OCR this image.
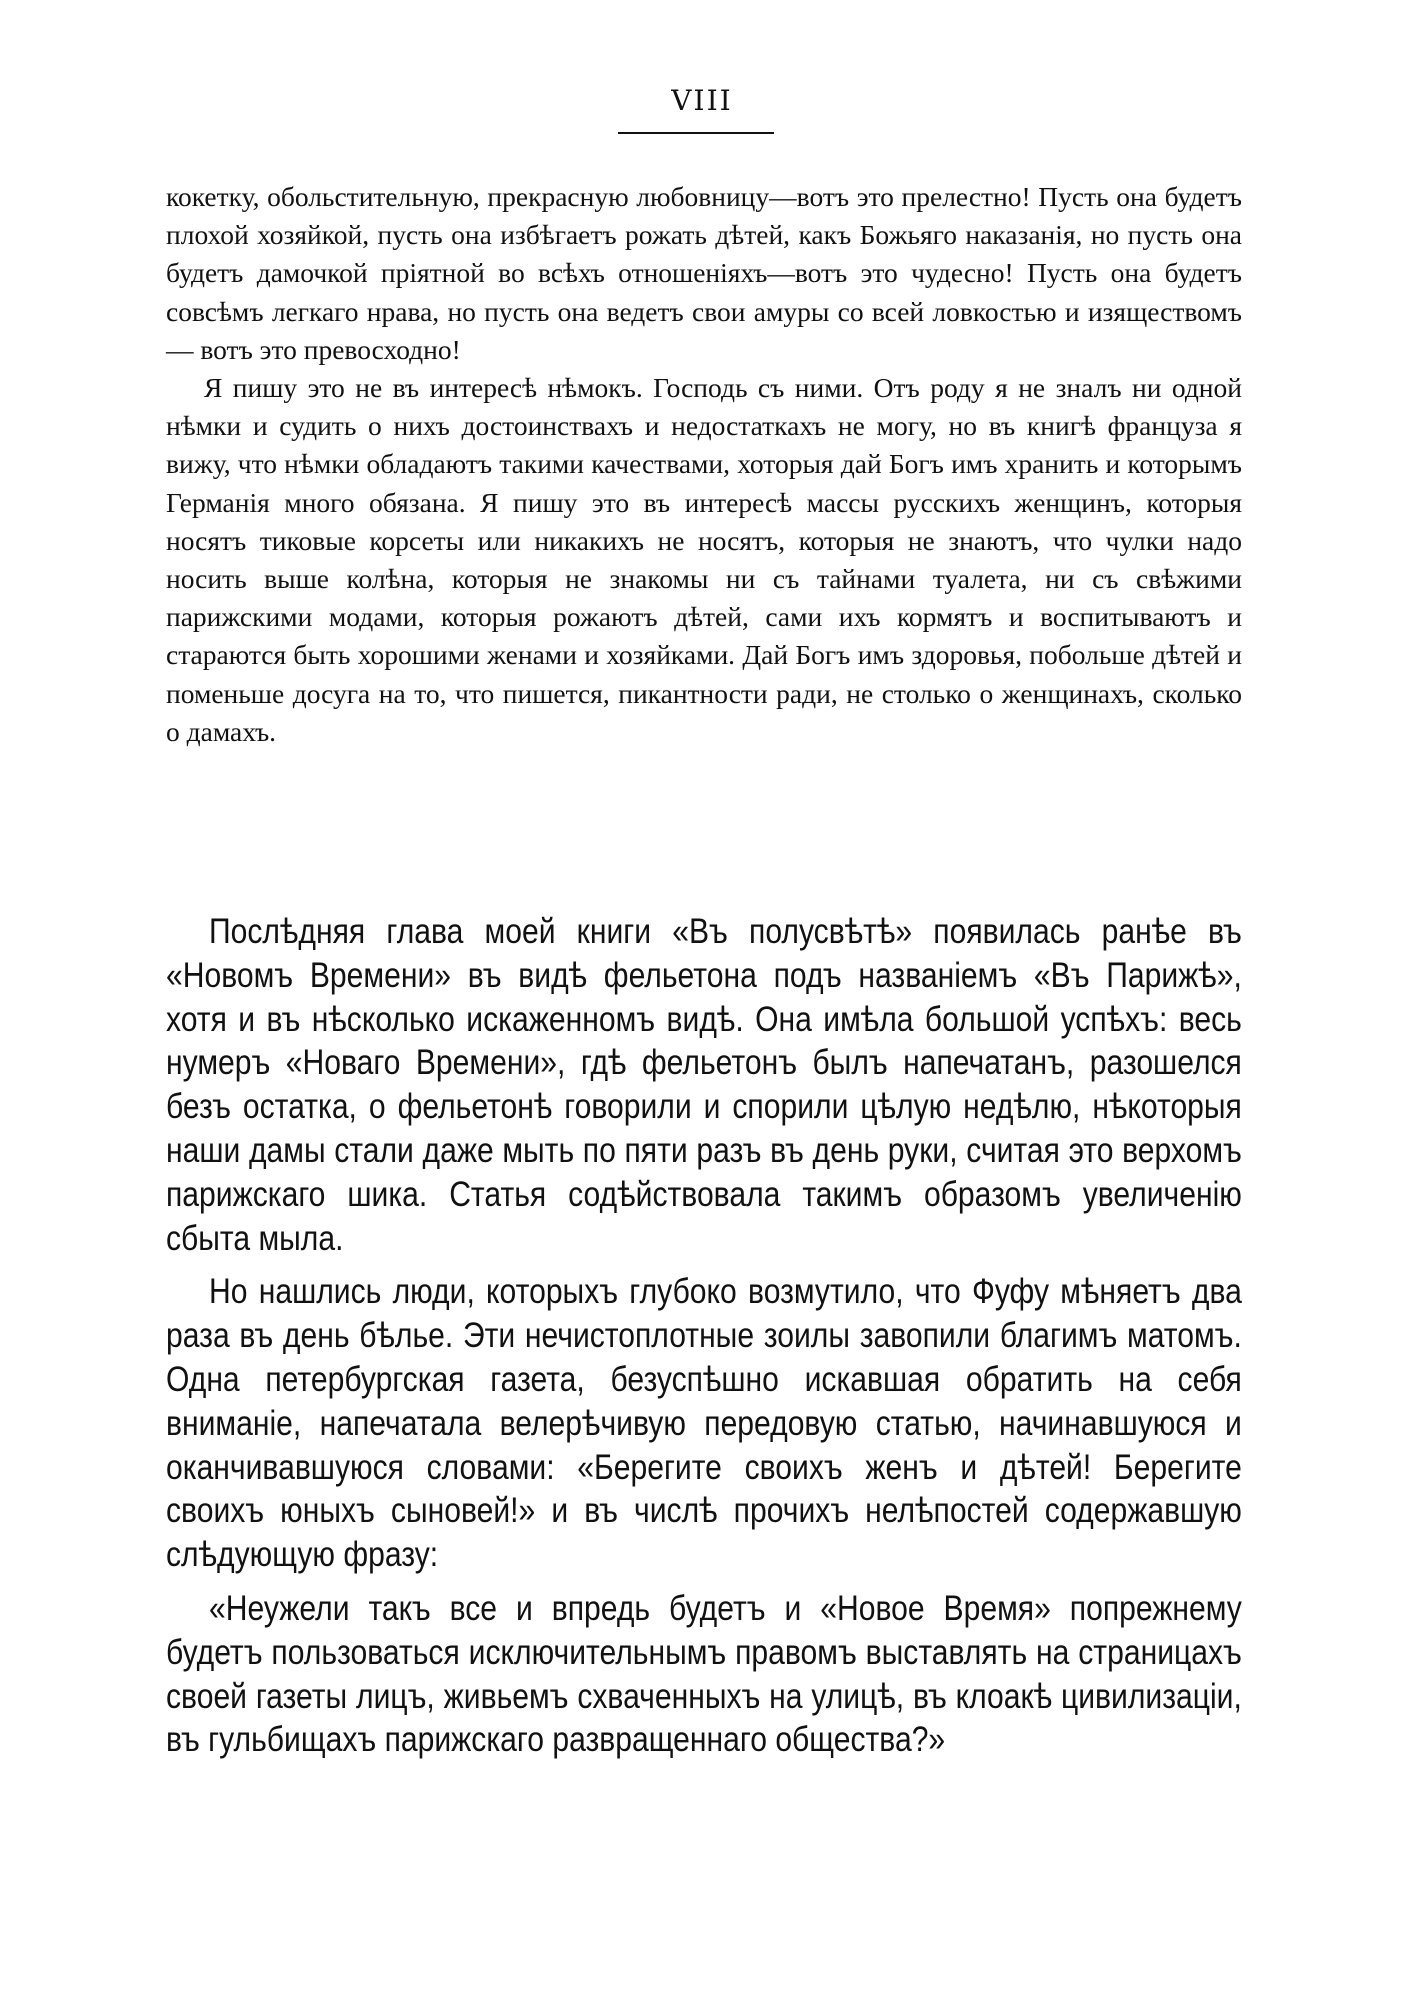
VIII

кокетку, обольстительную, прекрасную любовницу—вотъ это прелестно! Пусть она будетъ плохой хозяйкой, пусть она избѣгаетъ рожать дѣтей, какъ Божьяго наказанія, но пусть она будетъ дамочкой пріятной во всѣхъ отношеніяхъ—вотъ это чудесно! Пусть она будетъ совсѣмъ легкаго нрава, но пусть она ведетъ свои амуры со всей ловкостью и изяществомъ — вотъ это превосходно!

Я пишу это не въ интересѣ нѣмокъ. Господь съ ними. Отъ роду я не зналъ ни одной нѣмки и судить о нихъ достоинствахъ и недостаткахъ не могу, но въ книгѣ француза я вижу, что нѣмки обладаютъ такими качествами, хоторыя дай Богъ имъ хранить и которымъ Германія много обязана. Я пишу это въ интересѣ массы русскихъ женщинъ, которыя носятъ тиковые корсеты или никакихъ не носятъ, которыя не знаютъ, что чулки надо носить выше колѣна, которыя не знакомы ни съ тайнами туалета, ни съ свѣжими парижскими модами, которыя рожаютъ дѣтей, сами ихъ кормятъ и воспитываютъ и стараются быть хорошими женами и хозяйками. Дай Богъ имъ здоровья, побольше дѣтей и поменьше досуга на то, что пишется, пикантности ради, не столько о женщинахъ, сколько о дамахъ.

Послѣдняя глава моей книги «Въ полусвѣтѣ» появилась ранѣе въ «Новомъ Времени» въ видѣ фельетона подъ названіемъ «Въ Парижѣ», хотя и въ нѣсколько искаженномъ видѣ. Она имѣла большой успѣхъ: весь нумеръ «Новаго Времени», гдѣ фельетонъ былъ напечатанъ, разошелся безъ остатка, о фельетонѣ говорили и спорили цѣлую недѣлю, нѣкоторыя наши дамы стали даже мыть по пяти разъ въ день руки, считая это верхомъ парижскаго шика. Статья содѣйствовала такимъ образомъ увеличенію сбыта мыла.

Но нашлись люди, которыхъ глубоко возмутило, что Фуфу мѣняетъ два раза въ день бѣлье. Эти нечистоплотные зоилы завопили благимъ матомъ. Одна петербургская газета, безуспѣшно искавшая обратить на себя вниманіе, напечатала велерѣчивую передовую статью, начинавшуюся и оканчивавшуюся словами: «Берегите своихъ женъ и дѣтей! Берегите своихъ юныхъ сыновей!» и въ числѣ прочихъ нелѣпостей содержавшую слѣдующую фразу:

«Неужели такъ все и впредь будетъ и «Новое Время» попрежнему будетъ пользоваться исключительнымъ правомъ выставлять на страницахъ своей газеты лицъ, живьемъ схваченныхъ на улицѣ, въ клоакѣ цивилизаціи, въ гульбищахъ парижскаго развращеннаго общества?»
